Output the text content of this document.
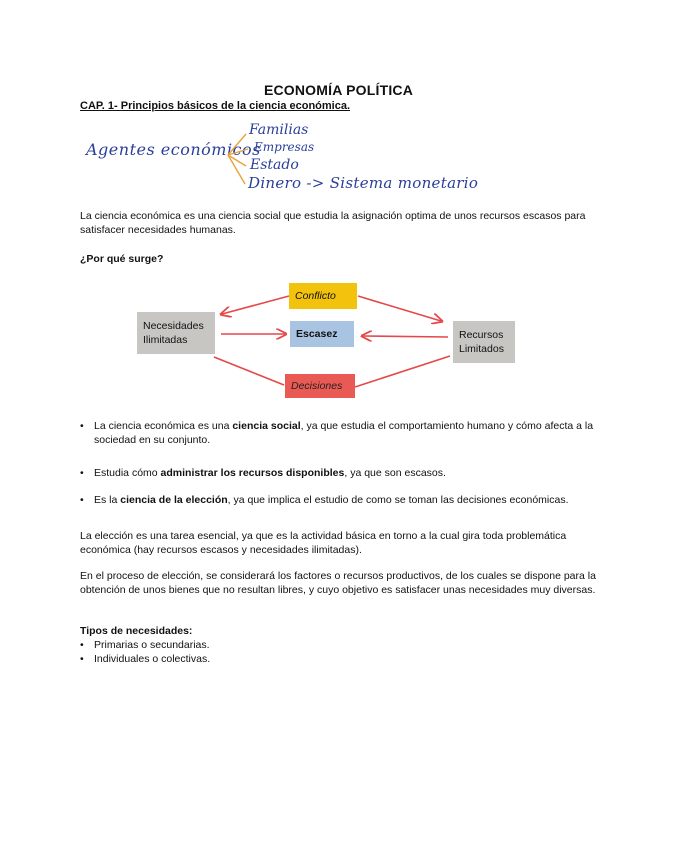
ECONOMÍA POLÍTICA
CAP. 1- Principios básicos de la ciencia económica.
Agentes económicos
Familias
Empresas
Estado
Dinero -> Sistema monetario
La ciencia económica es una ciencia social que estudia la asignación optima de unos recursos escasos para satisfacer necesidades humanas.
¿Por qué surge?
Necesidades
Ilimitadas	Recursos
Limitados
Conflicto
Escasez
Decisiones
• La ciencia económica es una ciencia social, ya que estudia el comportamiento humano y cómo afecta a la sociedad en su conjunto.
• Estudia cómo administrar los recursos disponibles, ya que son escasos.
• Es la ciencia de la elección, ya que implica el estudio de como se toman las decisiones económicas.
La elección es una tarea esencial, ya que es la actividad básica en torno a la cual gira toda problemática económica (hay recursos escasos y necesidades ilimitadas).
En el proceso de elección, se considerará los factores o recursos productivos, de los cuales se dispone para la obtención de unos bienes que no resultan libres, y cuyo objetivo es satisfacer unas necesidades muy diversas.
Tipos de necesidades:
• Primarias o secundarias.
• Individuales o colectivas.
